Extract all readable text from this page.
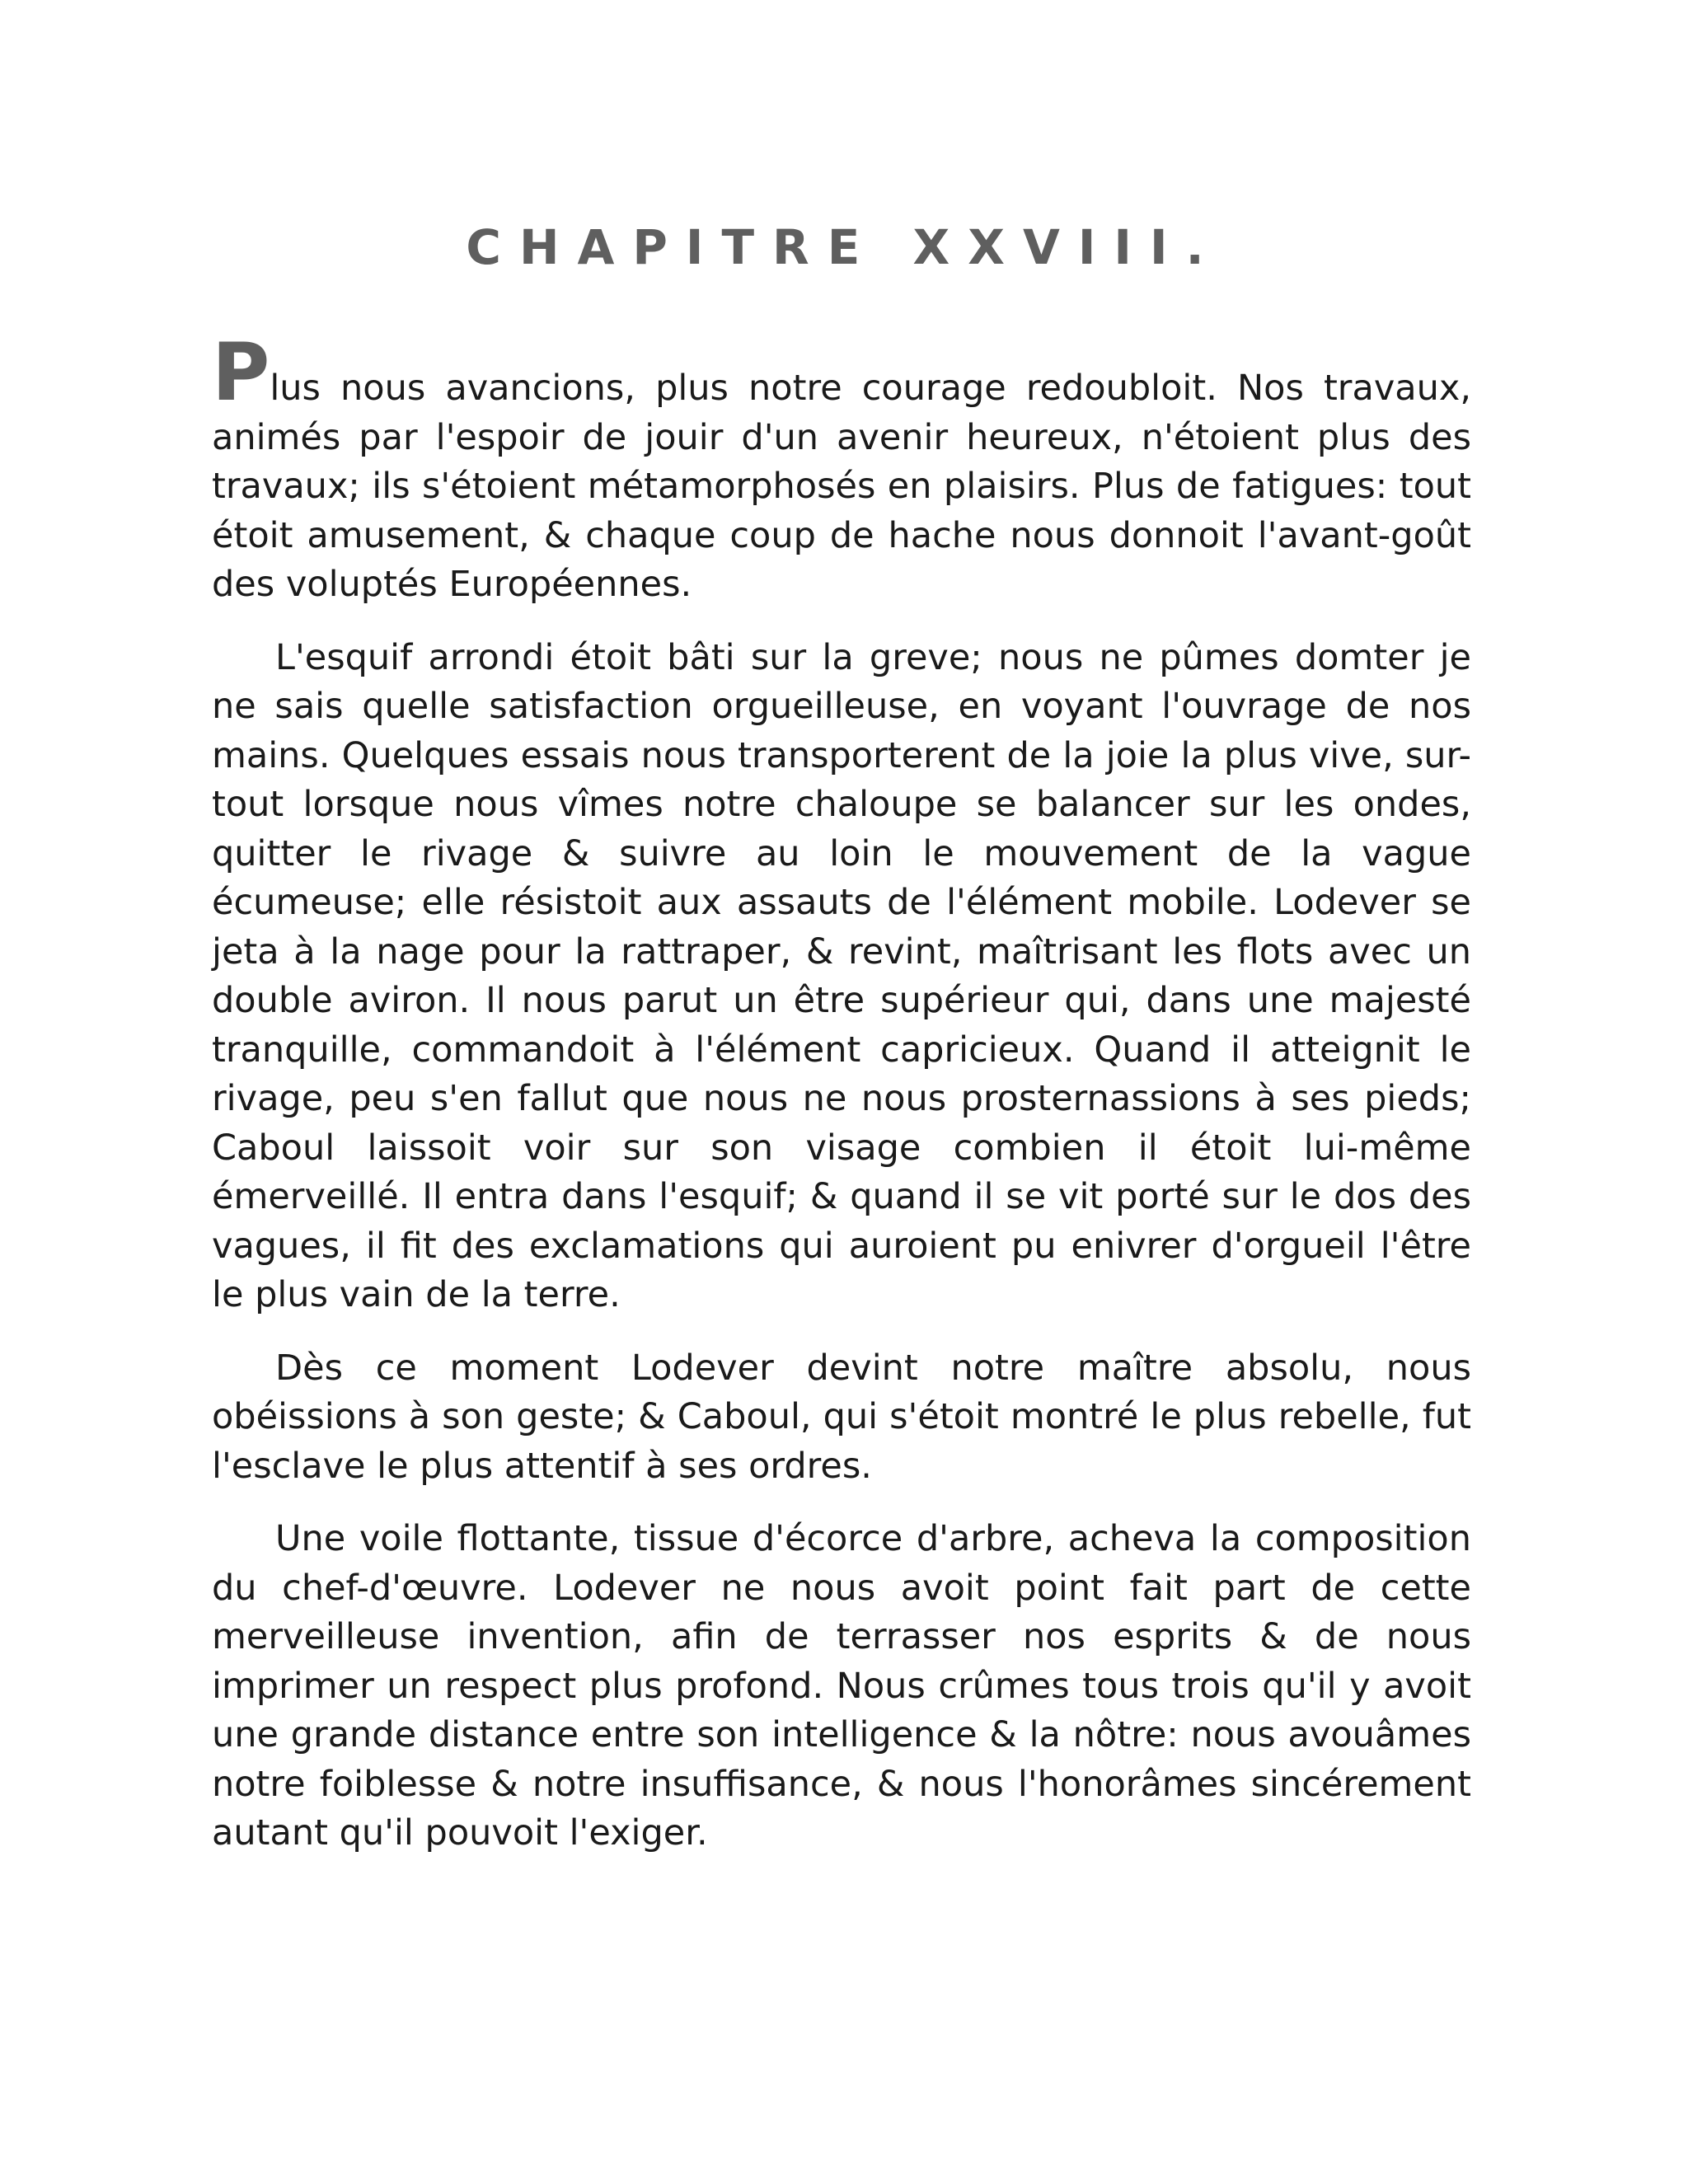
CHAPITRE XXVIII.

Plus nous avancions, plus notre courage redoubloit. Nos travaux, animés par l'espoir de jouir d'un avenir heureux, n'étoient plus des travaux; ils s'étoient métamorphosés en plaisirs. Plus de fatigues: tout étoit amusement, & chaque coup de hache nous donnoit l'avant-goût des voluptés Européennes.

L'esquif arrondi étoit bâti sur la greve; nous ne pûmes domter je ne sais quelle satisfaction orgueilleuse, en voyant l'ouvrage de nos mains. Quelques essais nous transporterent de la joie la plus vive, sur-tout lorsque nous vîmes notre chaloupe se balancer sur les ondes, quitter le rivage & suivre au loin le mouvement de la vague écumeuse; elle résistoit aux assauts de l'élément mobile. Lodever se jeta à la nage pour la rattraper, & revint, maîtrisant les flots avec un double aviron. Il nous parut un être supérieur qui, dans une majesté tranquille, commandoit à l'élément capricieux. Quand il atteignit le rivage, peu s'en fallut que nous ne nous prosternassions à ses pieds; Caboul laissoit voir sur son visage combien il étoit lui-même émerveillé. Il entra dans l'esquif; & quand il se vit porté sur le dos des vagues, il fit des exclamations qui auroient pu enivrer d'orgueil l'être le plus vain de la terre.

Dès ce moment Lodever devint notre maître absolu, nous obéissions à son geste; & Caboul, qui s'étoit montré le plus rebelle, fut l'esclave le plus attentif à ses ordres.

Une voile flottante, tissue d'écorce d'arbre, acheva la composition du chef-d'œuvre. Lodever ne nous avoit point fait part de cette merveilleuse invention, afin de terrasser nos esprits & de nous imprimer un respect plus profond. Nous crûmes tous trois qu'il y avoit une grande distance entre son intelligence & la nôtre: nous avouâmes notre foiblesse & notre insuffisance, & nous l'honorâmes sincérement autant qu'il pouvoit l'exiger.
